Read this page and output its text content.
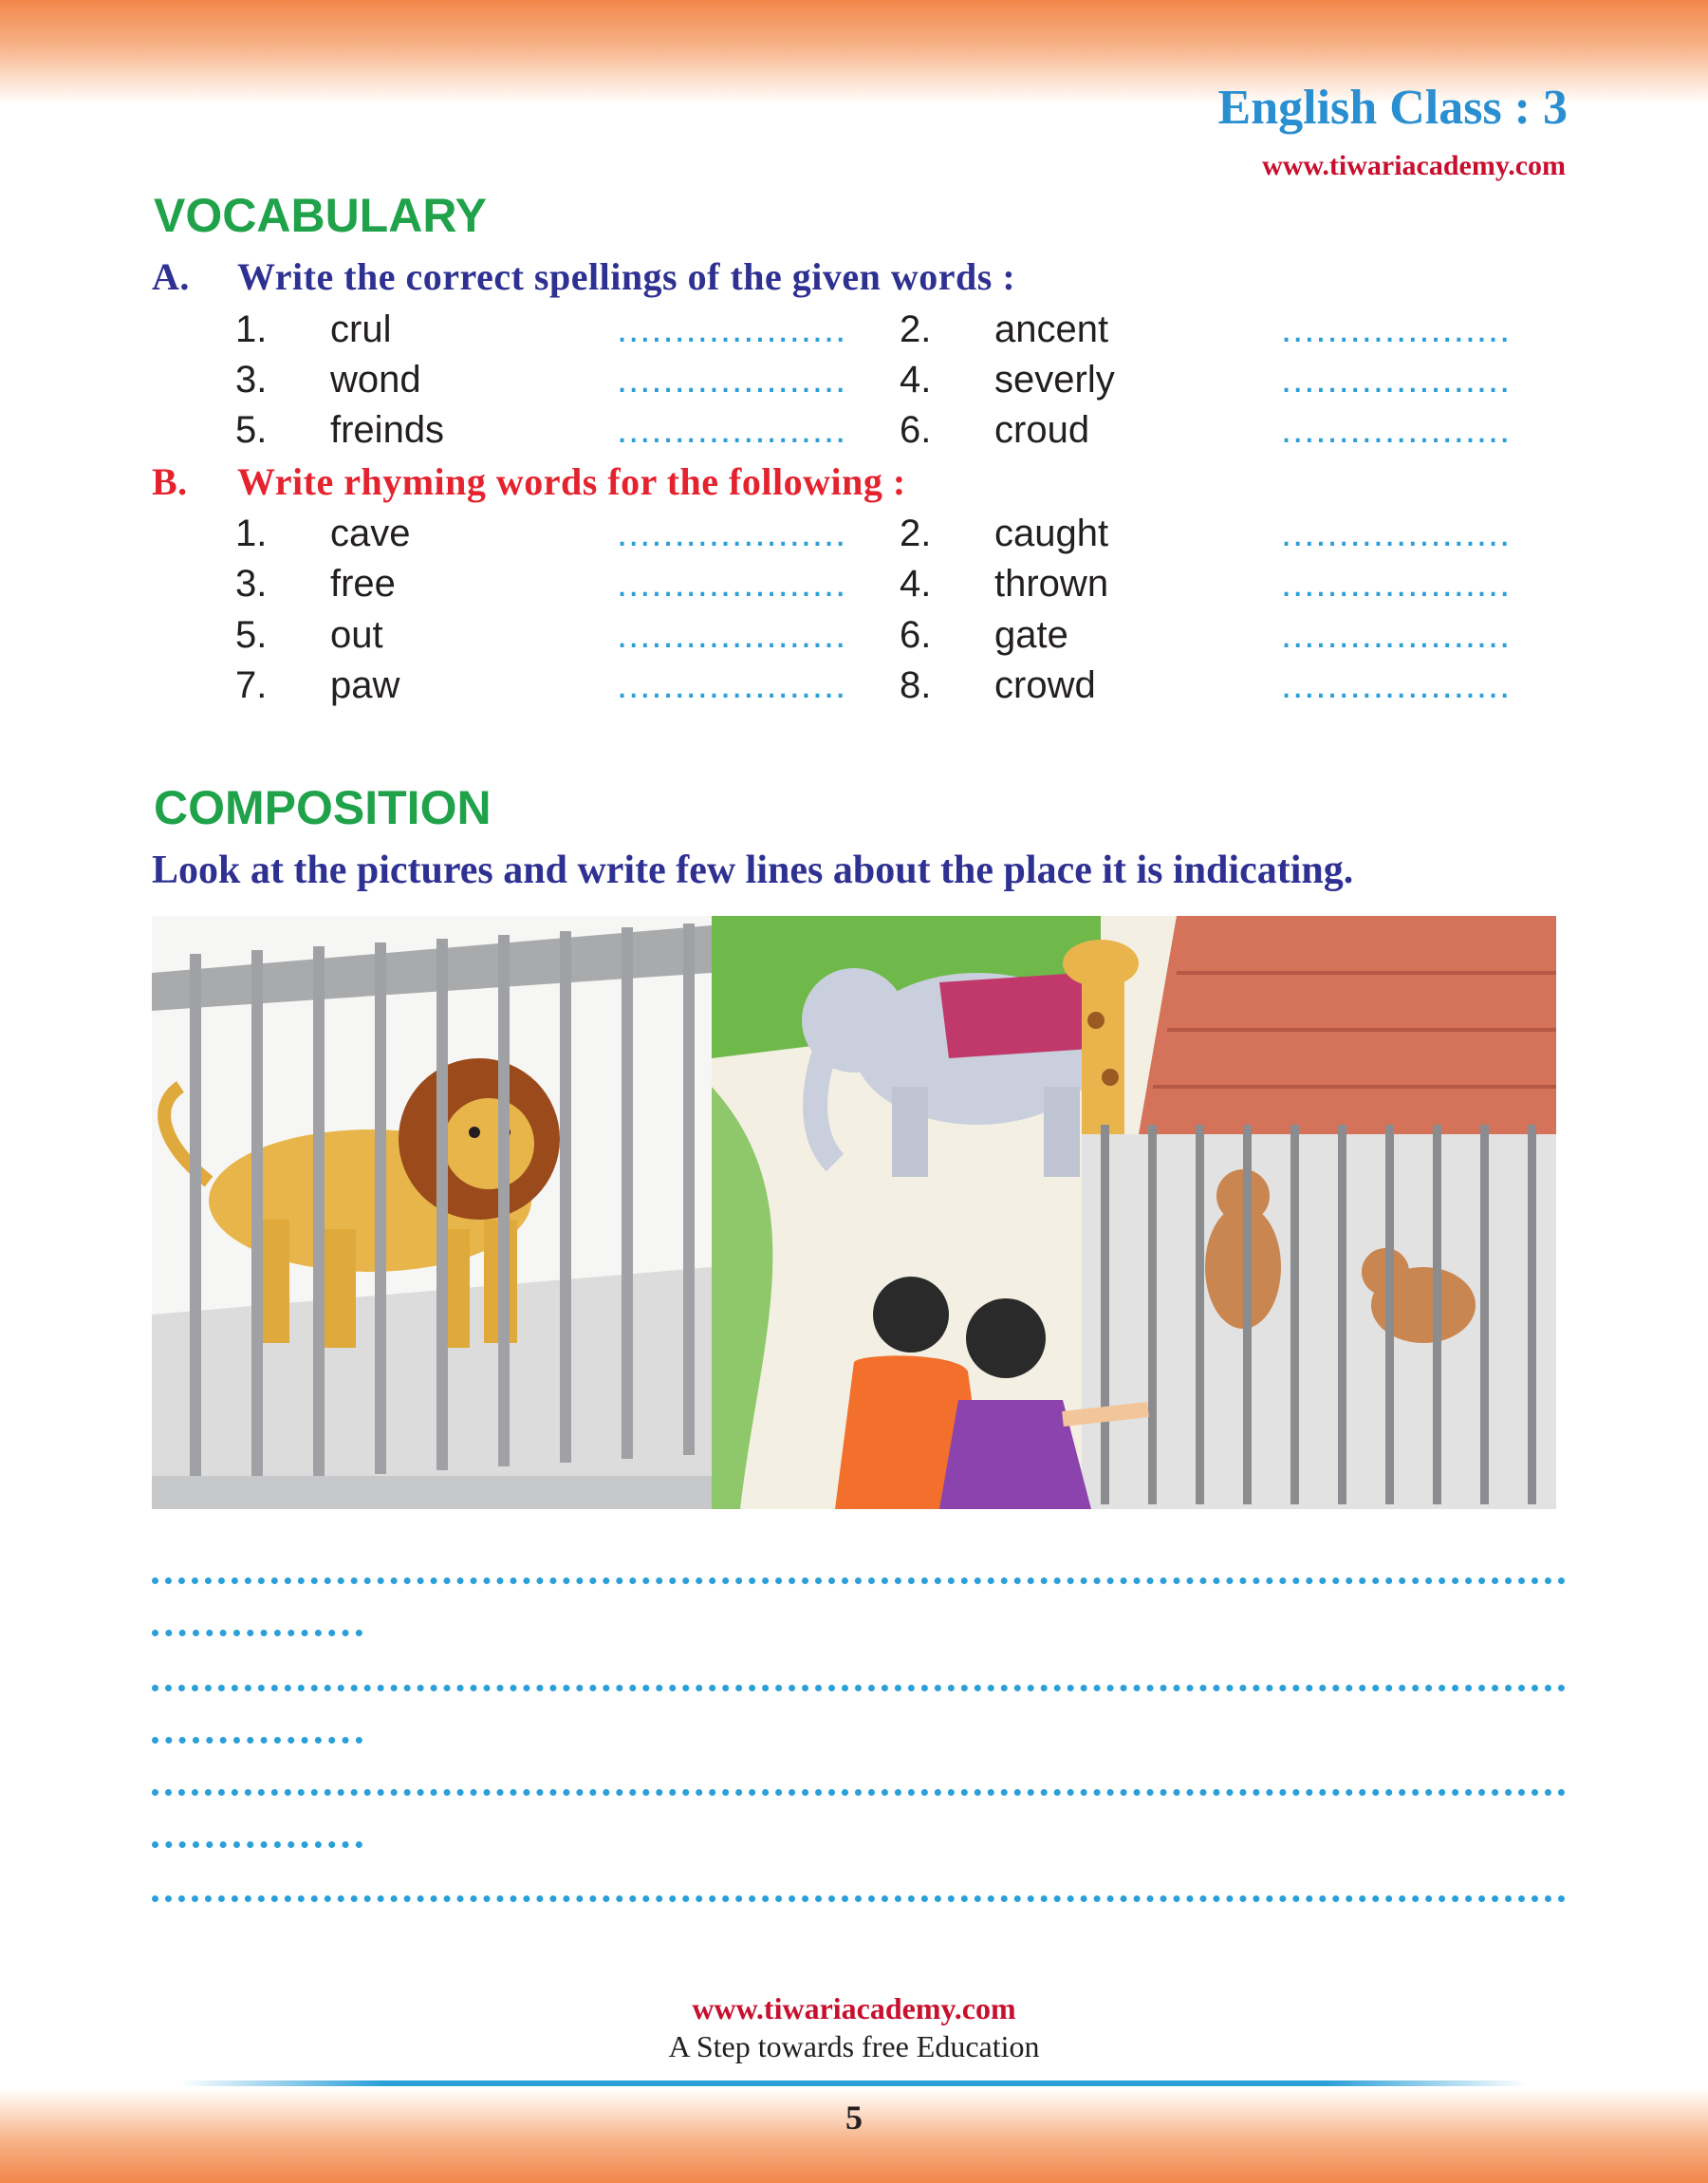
English Class : 3
www.tiwariacademy.com
VOCABULARY
A. Write the correct spellings of the given words :
1. crul	.................... 2. ancent	....................
3. wond	.................... 4. severly	....................
5. freinds	.................... 6. croud	....................
B. Write rhyming words for the following :
1. cave	.................... 2. caught	....................
3. free	.................... 4. thrown	....................
5. out	.................... 6. gate	....................
7. paw	.................... 8. crowd	....................
COMPOSITION
Look at the pictures and write few lines about the place it is indicating.
www.tiwariacademy.com
A Step towards free Education
5
